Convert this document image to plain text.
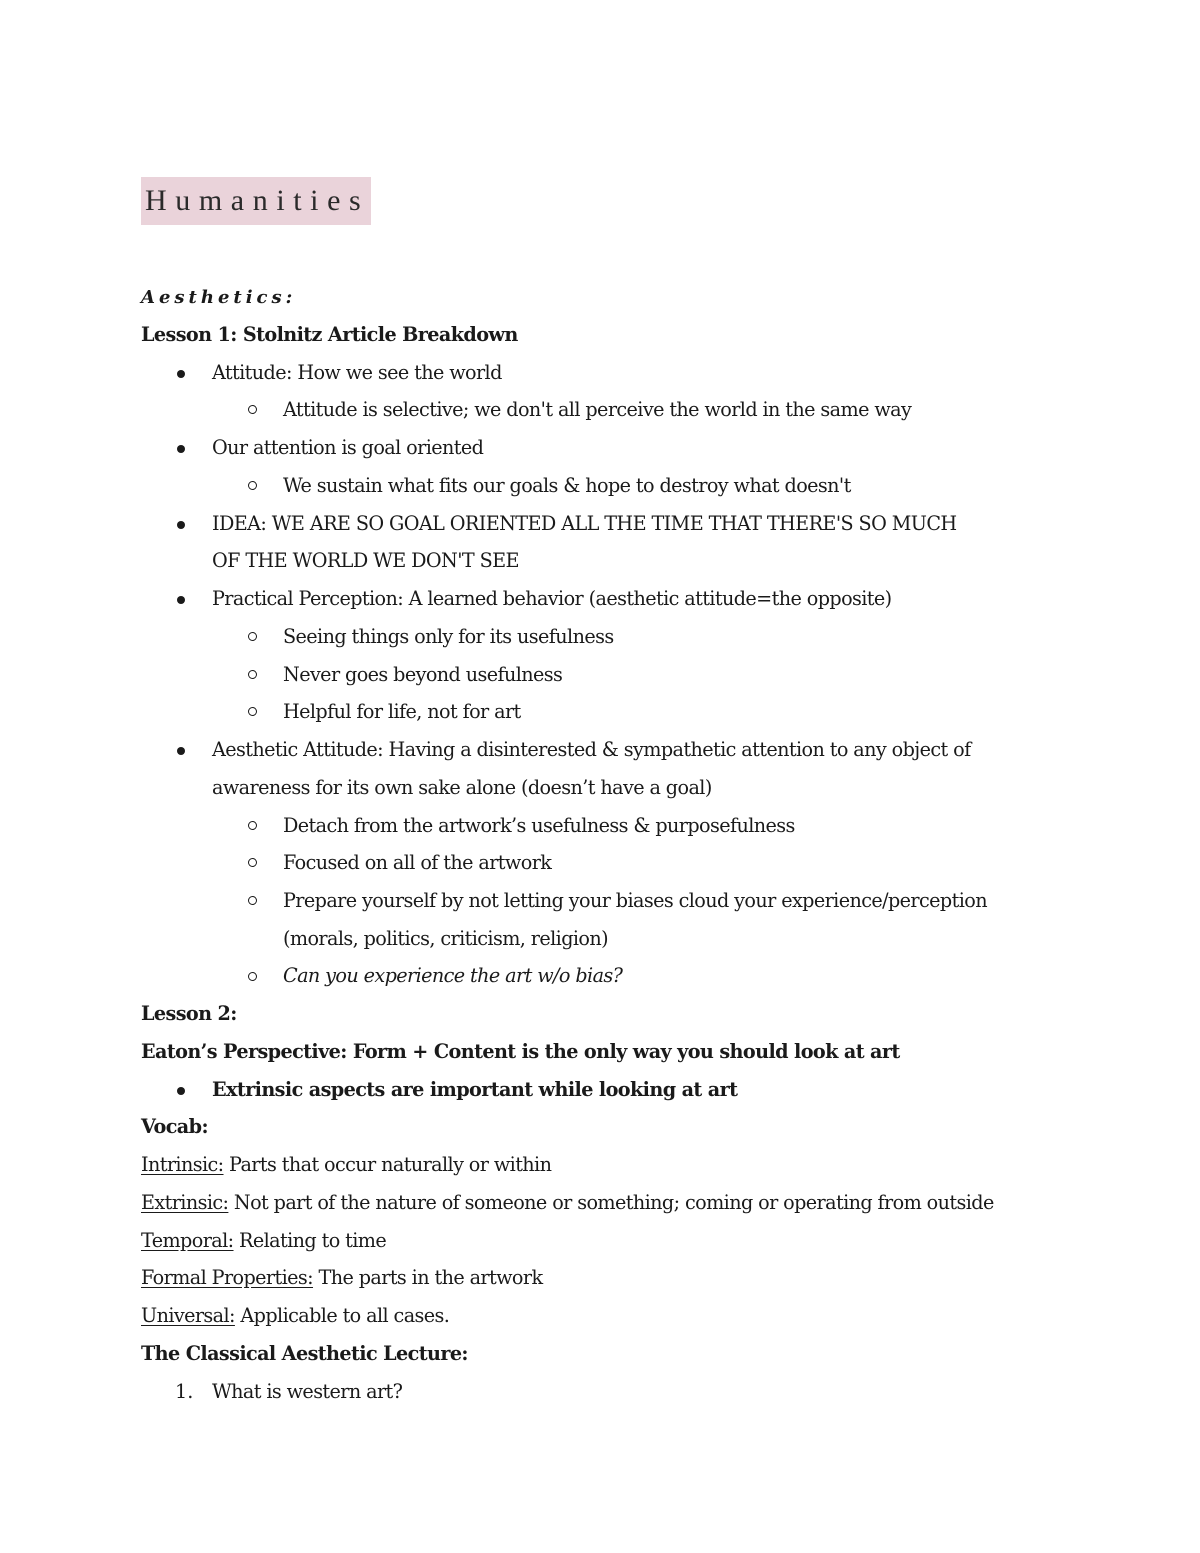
Humanities
Aesthetics:
Lesson 1: Stolnitz Article Breakdown
Attitude: How we see the world
Attitude is selective; we don't all perceive the world in the same way
Our attention is goal oriented
We sustain what fits our goals & hope to destroy what doesn't
IDEA: WE ARE SO GOAL ORIENTED ALL THE TIME THAT THERE'S SO MUCH
OF THE WORLD WE DON'T SEE
Practical Perception: A learned behavior (aesthetic attitude=the opposite)
Seeing things only for its usefulness
Never goes beyond usefulness
Helpful for life, not for art
Aesthetic Attitude: Having a disinterested & sympathetic attention to any object of
awareness for its own sake alone (doesn’t have a goal)
Detach from the artwork’s usefulness & purposefulness
Focused on all of the artwork
Prepare yourself by not letting your biases cloud your experience/perception
(morals, politics, criticism, religion)
Can you experience the art w/o bias?
Lesson 2:
Eaton’s Perspective: Form + Content is the only way you should look at art
Extrinsic aspects are important while looking at art
Vocab:
Intrinsic: Parts that occur naturally or within
Extrinsic: Not part of the nature of someone or something; coming or operating from outside
Temporal: Relating to time
Formal Properties: The parts in the artwork
Universal: Applicable to all cases.
The Classical Aesthetic Lecture:
1. What is western art?
